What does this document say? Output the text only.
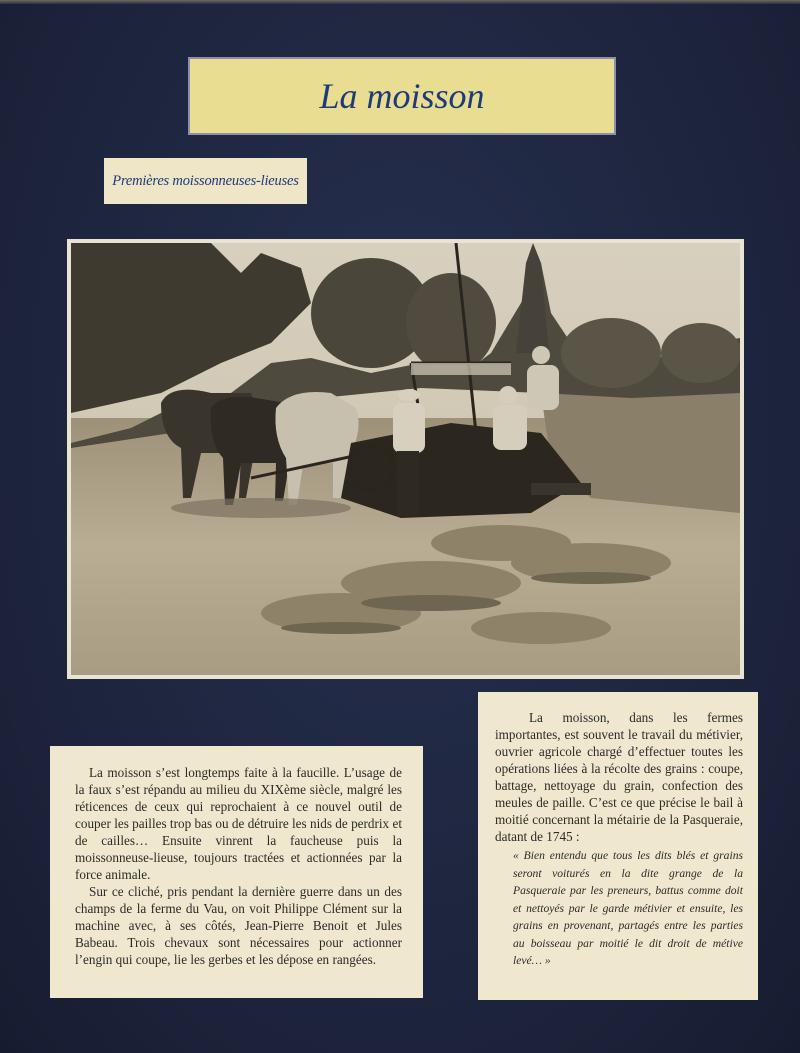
La moisson
Premières moissonneuses-lieuses

La moisson s’est longtemps faite à la faucille. L’usage de la faux s’est répandu au milieu du XIXème siècle, malgré les réticences de ceux qui reprochaient à ce nouvel outil de couper les pailles trop bas ou de détruire les nids de perdrix et de cailles… Ensuite vinrent la faucheuse puis la moissonneuse-lieuse, toujours tractées et actionnées par la force animale.

Sur ce cliché, pris pendant la dernière guerre dans un des champs de la ferme du Vau, on voit Philippe Clément sur la machine avec, à ses côtés, Jean-Pierre Benoit et Jules Babeau. Trois chevaux sont nécessaires pour actionner l’engin qui coupe, lie les gerbes et les dépose en rangées.

La moisson, dans les fermes importantes, est souvent le travail du métivier, ouvrier agricole chargé d’effectuer toutes les opérations liées à la récolte des grains : coupe, battage, nettoyage du grain, confection des meules de paille. C’est ce que précise le bail à moitié concernant la métairie de la Pasqueraie, datant de 1745 :

« Bien entendu que tous les dits blés et grains seront voiturés en la dite grange de la Pasqueraie par les preneurs, battus comme doit et nettoyés par le garde métivier et ensuite, les grains en provenant, partagés entre les parties au boisseau par moitié le dit droit de métive levé… »
